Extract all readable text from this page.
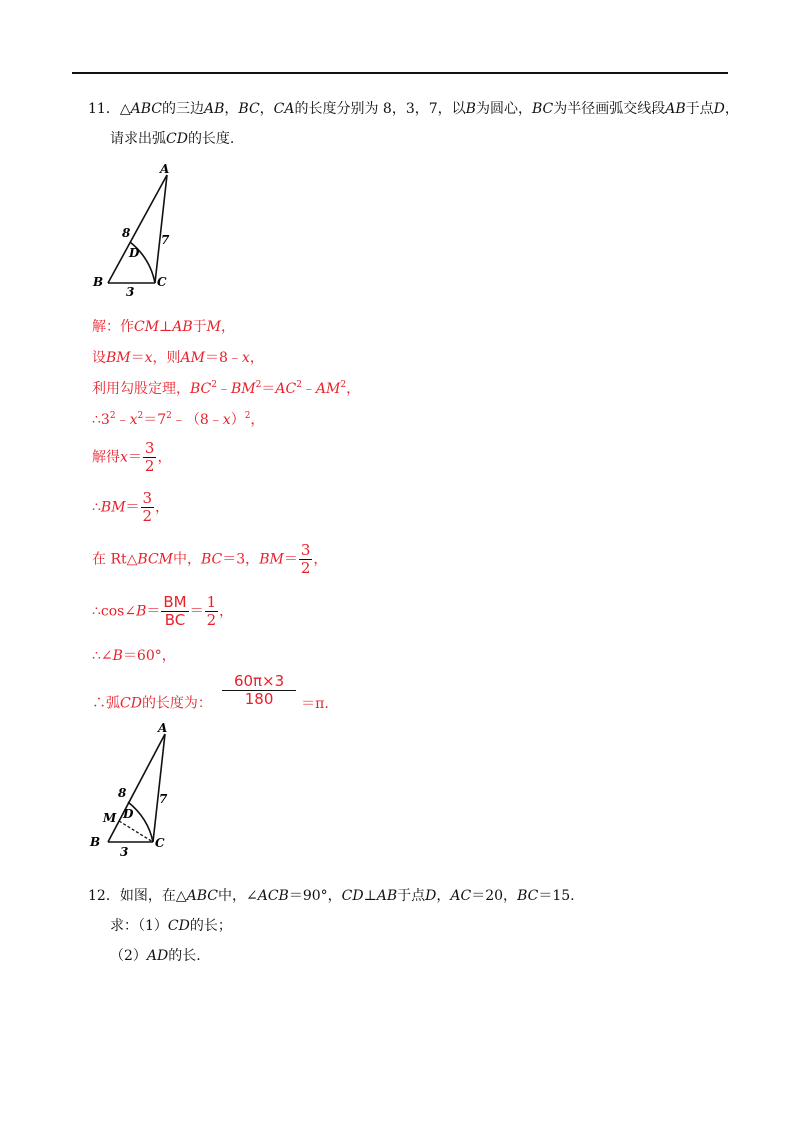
11．△ABC的三边AB，BC，CA的长度分别为 8，3，7，以B为圆心，BC为半径画弧交线段AB于点D，
请求出弧CD的长度.
A
B	C
D
8	7
3
解：作CM⊥AB于M，
设BM＝x，则AM＝8﹣x，
利用勾股定理，$BC^2﹣BM^2=AC^2﹣AM^2$，
$\therefore 3^2﹣x^2=7^2﹣(8﹣x)^2$，
解得$x= \frac{3}{2}$ ，
∴BM＝ $\frac{3}{2}$ ，
在 Rt△BCM中，BC＝3，$BM= \frac{3}{2}$ ，
∴cos∠B＝ $\frac{BM}{BC} = \frac{1}{2}$ ，
∴∠B＝60°，
∴弧CD的长度为： $\frac{60\pi\times 3}{180} =\pi$.
A
B	C
D
M
8	7
3
12．如图，在△ABC中，∠ACB＝90°，CD⊥AB于点D，AC＝20，BC＝15.
求：（1）CD的长；
（2）AD的长.
